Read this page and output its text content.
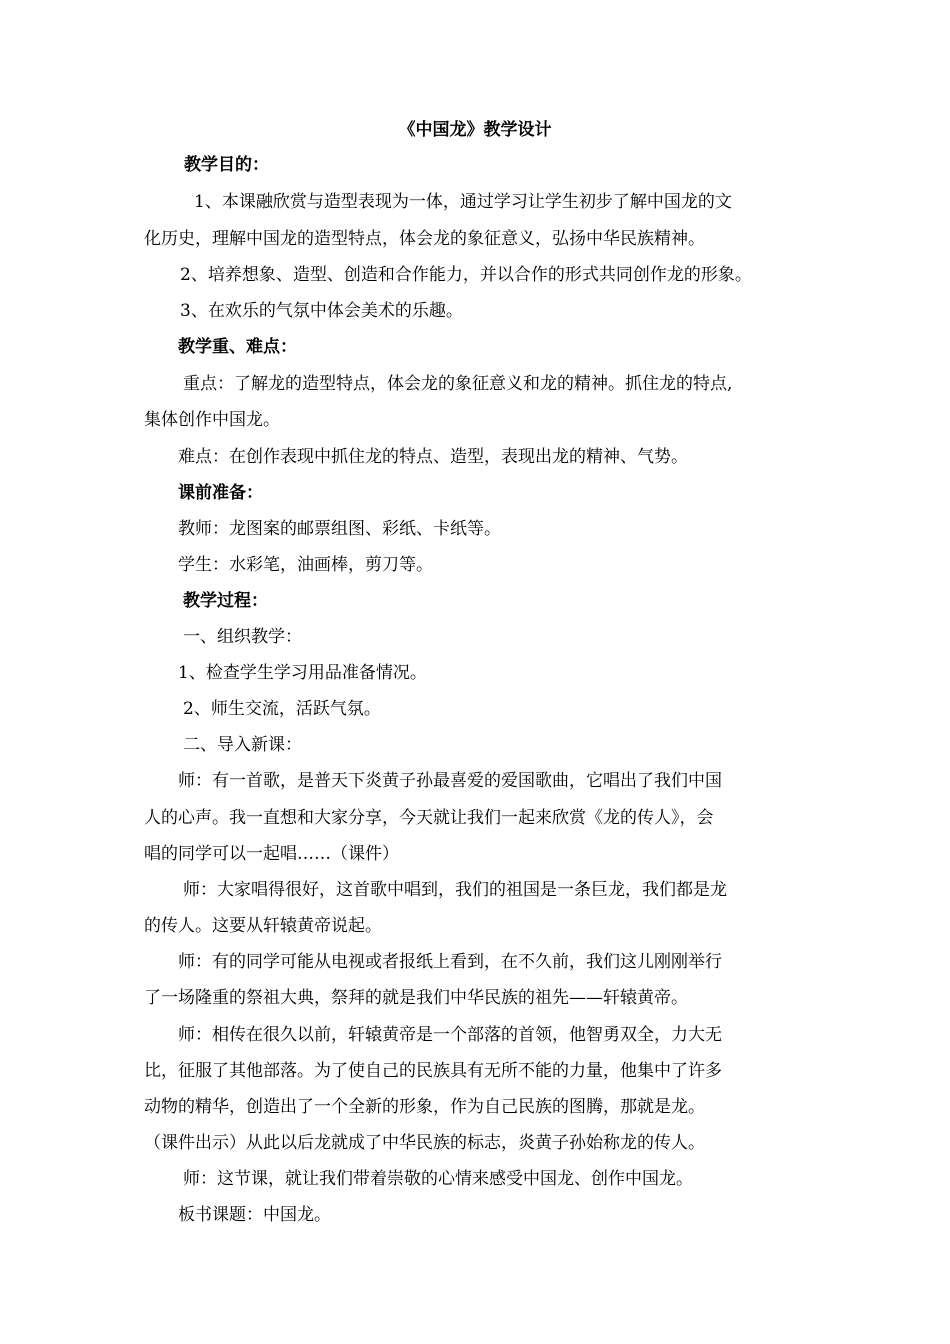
《中国龙》教学设计
教学目的：
1、本课融欣赏与造型表现为一体，通过学习让学生初步了解中国龙的文
化历史，理解中国龙的造型特点，体会龙的象征意义，弘扬中华民族精神。
2、培养想象、造型、创造和合作能力，并以合作的形式共同创作龙的形象。
3、在欢乐的气氛中体会美术的乐趣。
教学重、难点：
重点：了解龙的造型特点，体会龙的象征意义和龙的精神。抓住龙的特点,
集体创作中国龙。
难点：在创作表现中抓住龙的特点、造型，表现出龙的精神、气势。
课前准备：
教师：龙图案的邮票组图、彩纸、卡纸等。
学生：水彩笔，油画棒，剪刀等。
教学过程：
一、组织教学：
1、检查学生学习用品准备情况。
2、师生交流，活跃气氛。
二、导入新课：
师：有一首歌，是普天下炎黄子孙最喜爱的爱国歌曲，它唱出了我们中国
人的心声。我一直想和大家分享，今天就让我们一起来欣赏《龙的传人》，会
唱的同学可以一起唱……（课件）
师：大家唱得很好，这首歌中唱到，我们的祖国是一条巨龙，我们都是龙
的传人。这要从轩辕黄帝说起。
师：有的同学可能从电视或者报纸上看到，在不久前，我们这儿刚刚举行
了一场隆重的祭祖大典，祭拜的就是我们中华民族的祖先——轩辕黄帝。
师：相传在很久以前，轩辕黄帝是一个部落的首领，他智勇双全，力大无
比，征服了其他部落。为了使自己的民族具有无所不能的力量，他集中了许多
动物的精华，创造出了一个全新的形象，作为自己民族的图腾，那就是龙。
（课件出示）从此以后龙就成了中华民族的标志，炎黄子孙始称龙的传人。
师：这节课，就让我们带着崇敬的心情来感受中国龙、创作中国龙。
板书课题：中国龙。
